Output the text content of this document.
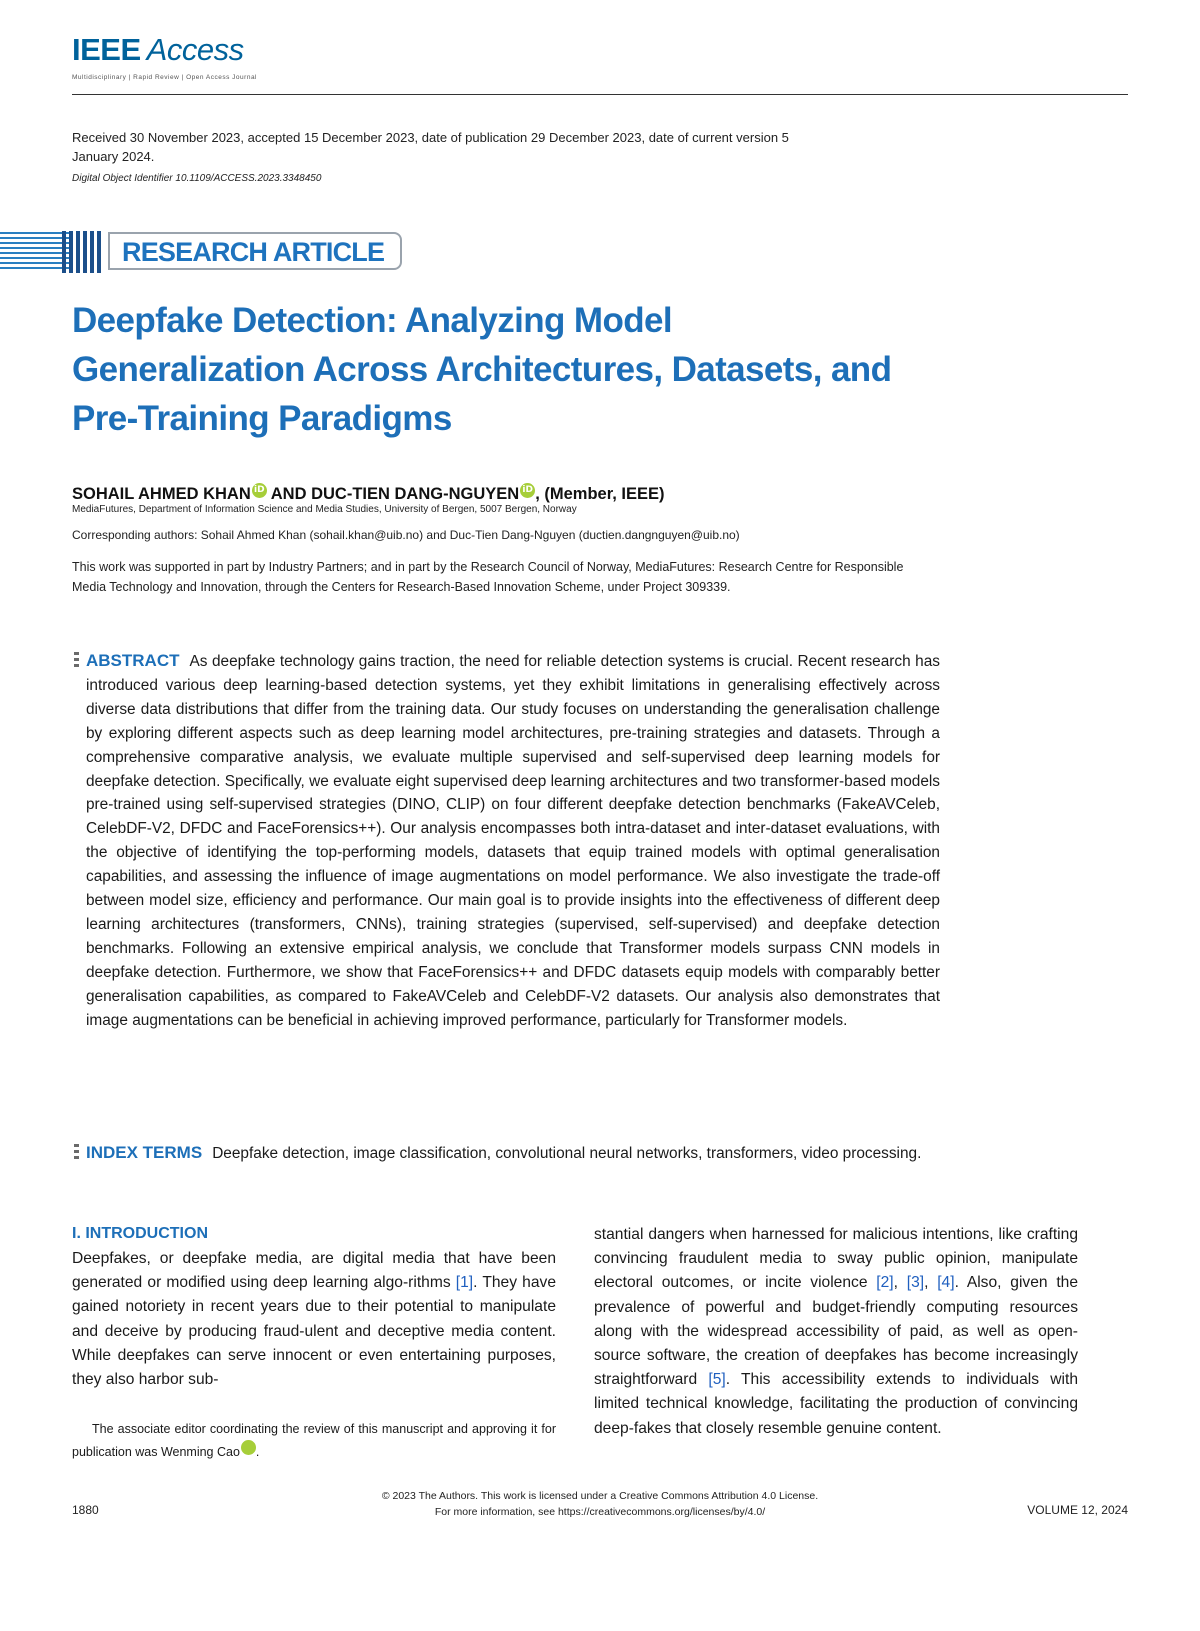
IEEE Access
Multidisciplinary | Rapid Review | Open Access Journal
Received 30 November 2023, accepted 15 December 2023, date of publication 29 December 2023, date of current version 5 January 2024.
Digital Object Identifier 10.1109/ACCESS.2023.3348450
RESEARCH ARTICLE
Deepfake Detection: Analyzing Model Generalization Across Architectures, Datasets, and Pre-Training Paradigms
SOHAIL AHMED KHAN iD AND DUC-TIEN DANG-NGUYEN iD , (Member, IEEE)
MediaFutures, Department of Information Science and Media Studies, University of Bergen, 5007 Bergen, Norway
Corresponding authors: Sohail Ahmed Khan (sohail.khan@uib.no) and Duc-Tien Dang-Nguyen (ductien.dangnguyen@uib.no)
This work was supported in part by Industry Partners; and in part by the Research Council of Norway, MediaFutures: Research Centre for Responsible Media Technology and Innovation, through the Centers for Research-Based Innovation Scheme, under Project 309339.
ABSTRACT As deepfake technology gains traction, the need for reliable detection systems is crucial. Recent research has introduced various deep learning-based detection systems, yet they exhibit limitations in generalising effectively across diverse data distributions that differ from the training data. Our study focuses on understanding the generalisation challenge by exploring different aspects such as deep learning model architectures, pre-training strategies and datasets. Through a comprehensive comparative analysis, we evaluate multiple supervised and self-supervised deep learning models for deepfake detection. Specifically, we evaluate eight supervised deep learning architectures and two transformer-based models pre-trained using self-supervised strategies (DINO, CLIP) on four different deepfake detection benchmarks (FakeAVCeleb, CelebDF-V2, DFDC and FaceForensics++). Our analysis encompasses both intra-dataset and inter-dataset evaluations, with the objective of identifying the top-performing models, datasets that equip trained models with optimal generalisation capabilities, and assessing the influence of image augmentations on model performance. We also investigate the trade-off between model size, efficiency and performance. Our main goal is to provide insights into the effectiveness of different deep learning architectures (transformers, CNNs), training strategies (supervised, self-supervised) and deepfake detection benchmarks. Following an extensive empirical analysis, we conclude that Transformer models surpass CNN models in deepfake detection. Furthermore, we show that FaceForensics++ and DFDC datasets equip models with comparably better generalisation capabilities, as compared to FakeAVCeleb and CelebDF-V2 datasets. Our analysis also demonstrates that image augmentations can be beneficial in achieving improved performance, particularly for Transformer models.
INDEX TERMS Deepfake detection, image classification, convolutional neural networks, transformers, video processing.
I. INTRODUCTION
Deepfakes, or deepfake media, are digital media that have been generated or modified using deep learning algo-rithms [1]. They have gained notoriety in recent years due to their potential to manipulate and deceive by producing fraud-ulent and deceptive media content. While deepfakes can serve innocent or even entertaining purposes, they also harbor sub-
The associate editor coordinating the review of this manuscript and approving it for publication was Wenming Cao iD.
stantial dangers when harnessed for malicious intentions, like crafting convincing fraudulent media to sway public opinion, manipulate electoral outcomes, or incite violence [2], [3], [4]. Also, given the prevalence of powerful and budget-friendly computing resources along with the widespread accessibility of paid, as well as open-source software, the creation of deepfakes has become increasingly straightforward [5]. This accessibility extends to individuals with limited technical knowledge, facilitating the production of convincing deep-fakes that closely resemble genuine content.
© 2023 The Authors. This work is licensed under a Creative Commons Attribution 4.0 License.
For more information, see https://creativecommons.org/licenses/by/4.0/
1880	VOLUME 12, 2024
